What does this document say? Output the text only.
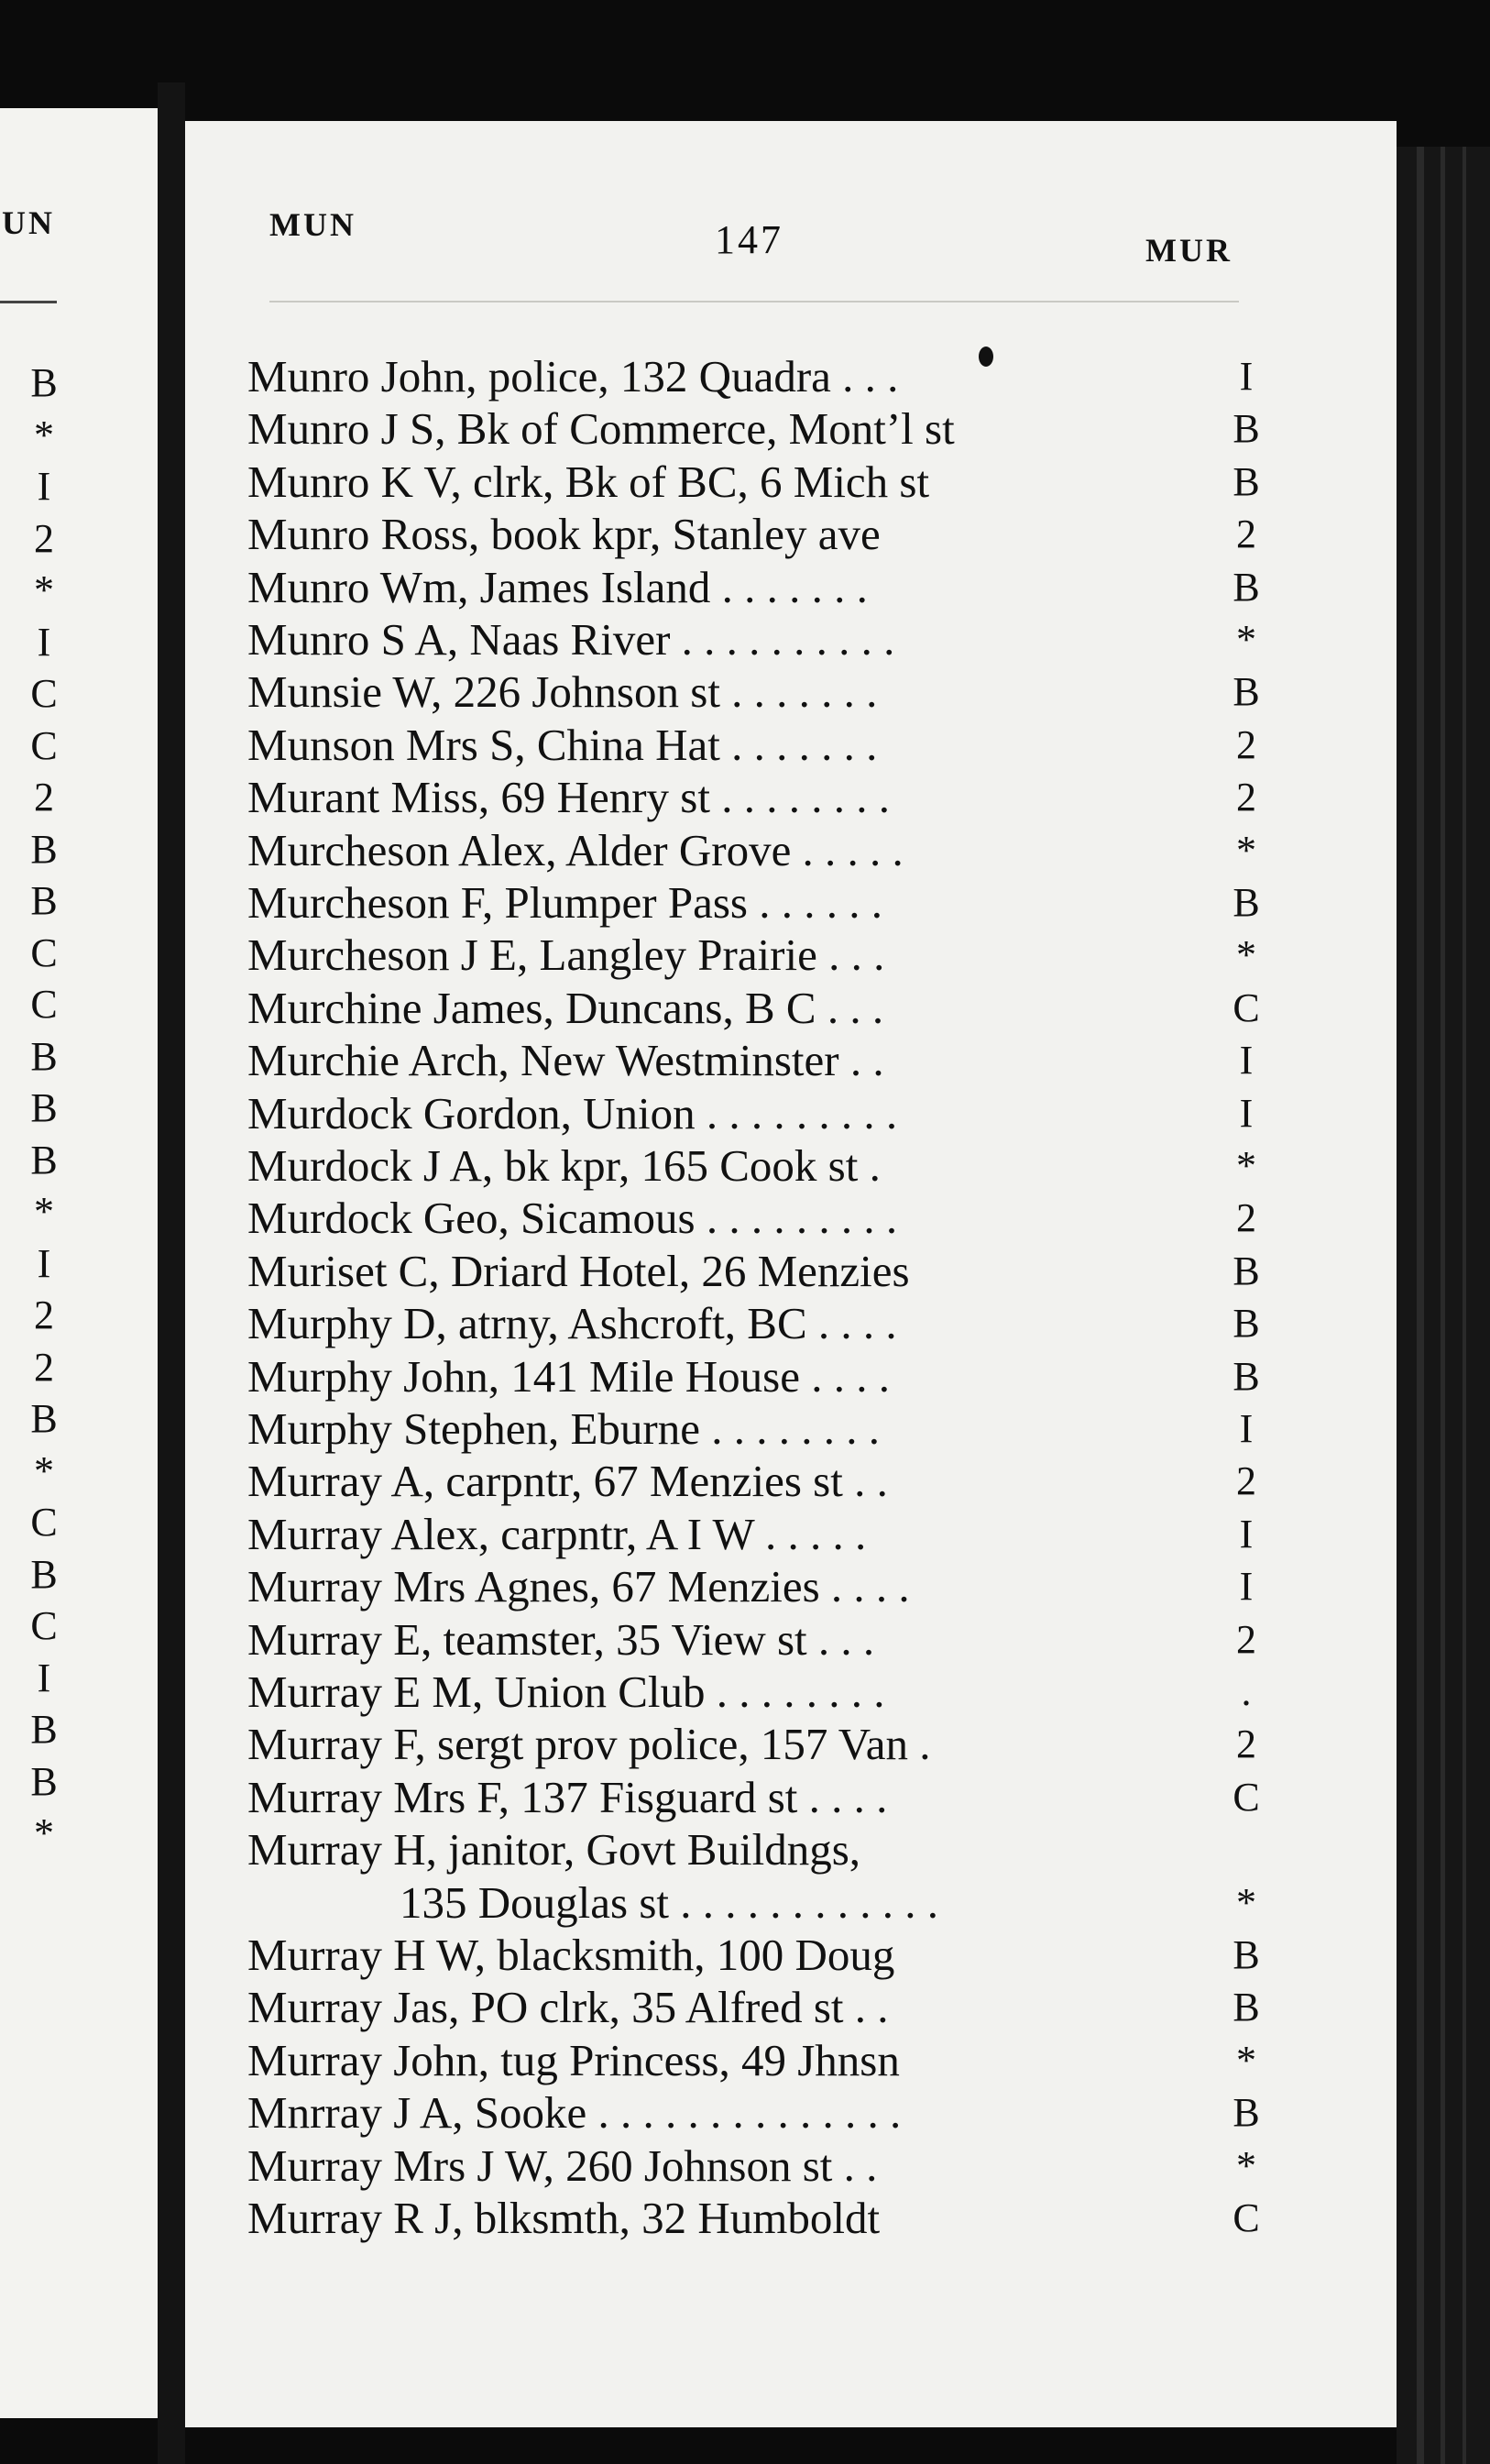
UN
B
*
I
2
*
I
C
C
2
B
B
C
C
B
B
B
*
I
2
2
B
*
C
B
C
I
B
B
*
MUN	147	MUR
Munro John, police, 132 Quadra . . .	I
Munro J S, Bk of Commerce, Mont’l st	B
Munro K V, clrk, Bk of BC, 6 Mich st	B
Munro Ross, book kpr, Stanley ave	2
Munro Wm, James Island . . . . . . .	B
Munro S A, Naas River . . . . . . . . . .	*
Munsie W, 226 Johnson st . . . . . . .	B
Munson Mrs S, China Hat . . . . . . .	2
Murant Miss, 69 Henry st . . . . . . . .	2
Murcheson Alex, Alder Grove . . . . .	*
Murcheson F, Plumper Pass . . . . . .	B
Murcheson J E, Langley Prairie . . .	*
Murchine James, Duncans, B C . . .	C
Murchie Arch, New Westminster . .	I
Murdock Gordon, Union . . . . . . . . .	I
Murdock J A, bk kpr, 165 Cook st .	*
Murdock Geo, Sicamous . . . . . . . . .	2
Muriset C, Driard Hotel, 26 Menzies	B
Murphy D, atrny, Ashcroft, BC . . . .	B
Murphy John, 141 Mile House . . . .	B
Murphy Stephen, Eburne . . . . . . . .	I
Murray A, carpntr, 67 Menzies st . .	2
Murray Alex, carpntr, A I W . . . . .	I
Murray Mrs Agnes, 67 Menzies . . . .	I
Murray E, teamster, 35 View st . . .	2
Murray E M, Union Club . . . . . . . .	.
Murray F, sergt prov police, 157 Van .	2
Murray Mrs F, 137 Fisguard st . . . .	C
Murray H, janitor, Govt Buildngs,
135 Douglas st . . . . . . . . . . . .	*
Murray H W, blacksmith, 100 Doug	B
Murray Jas, PO clrk, 35 Alfred st . .	B
Murray John, tug Princess, 49 Jhnsn	*
Mnrray J A, Sooke . . . . . . . . . . . . . .	B
Murray Mrs J W, 260 Johnson st . .	*
Murray R J, blksmth, 32 Humboldt	C
